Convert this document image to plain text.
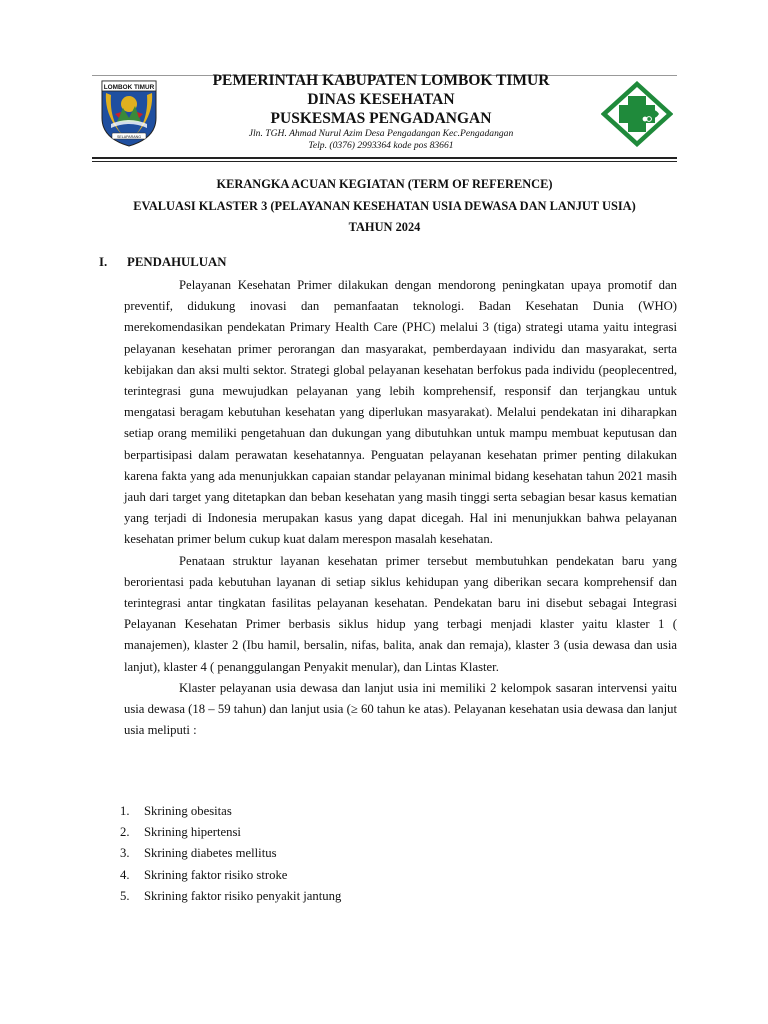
LOMBOK TIMUR
SELAPARANG
PEMERINTAH KABUPATEN LOMBOK TIMUR
DINAS KESEHATAN
PUSKESMAS PENGADANGAN
Jln. TGH. Ahmad Nurul Azim Desa Pengadangan Kec.Pengadangan
Telp. (0376) 2993364 kode pos 83661
KERANGKA ACUAN KEGIATAN (TERM OF REFERENCE)
EVALUASI KLASTER 3 (PELAYANAN KESEHATAN USIA DEWASA DAN LANJUT USIA)
TAHUN 2024
I. PENDAHULUAN

Pelayanan Kesehatan Primer dilakukan dengan mendorong peningkatan upaya promotif dan preventif, didukung inovasi dan pemanfaatan teknologi. Badan Kesehatan Dunia (WHO) merekomendasikan pendekatan Primary Health Care (PHC) melalui 3 (tiga) strategi utama yaitu integrasi pelayanan kesehatan primer perorangan dan masyarakat, pemberdayaan individu dan masyarakat, serta kebijakan dan aksi multi sektor. Strategi global pelayanan kesehatan berfokus pada individu (peoplecentred, terintegrasi guna mewujudkan pelayanan yang lebih komprehensif, responsif dan terjangkau untuk mengatasi beragam kebutuhan kesehatan yang diperlukan masyarakat). Melalui pendekatan ini diharapkan setiap orang memiliki pengetahuan dan dukungan yang dibutuhkan untuk mampu membuat keputusan dan berpartisipasi dalam perawatan kesehatannya. Penguatan pelayanan kesehatan primer penting dilakukan karena fakta yang ada menunjukkan capaian standar pelayanan minimal bidang kesehatan tahun 2021 masih jauh dari target yang ditetapkan dan beban kesehatan yang masih tinggi serta sebagian besar kasus kematian yang terjadi di Indonesia merupakan kasus yang dapat dicegah. Hal ini menunjukkan bahwa pelayanan kesehatan primer belum cukup kuat dalam merespon masalah kesehatan.

Penataan struktur layanan kesehatan primer tersebut membutuhkan pendekatan baru yang berorientasi pada kebutuhan layanan di setiap siklus kehidupan yang diberikan secara komprehensif dan terintegrasi antar tingkatan fasilitas pelayanan kesehatan. Pendekatan baru ini disebut sebagai Integrasi Pelayanan Kesehatan Primer berbasis siklus hidup yang terbagi menjadi klaster yaitu klaster 1 ( manajemen), klaster 2 (Ibu hamil, bersalin, nifas, balita, anak dan remaja), klaster 3 (usia dewasa dan usia lanjut), klaster 4 ( penanggulangan Penyakit menular), dan Lintas Klaster.

Klaster pelayanan usia dewasa dan lanjut usia ini memiliki 2 kelompok sasaran intervensi yaitu usia dewasa (18 – 59 tahun) dan lanjut usia (≥ 60 tahun ke atas). Pelayanan kesehatan usia dewasa dan lanjut usia meliputi :

1. Skrining obesitas
2. Skrining hipertensi
3. Skrining diabetes mellitus
4. Skrining faktor risiko stroke
5. Skrining faktor risiko penyakit jantung
